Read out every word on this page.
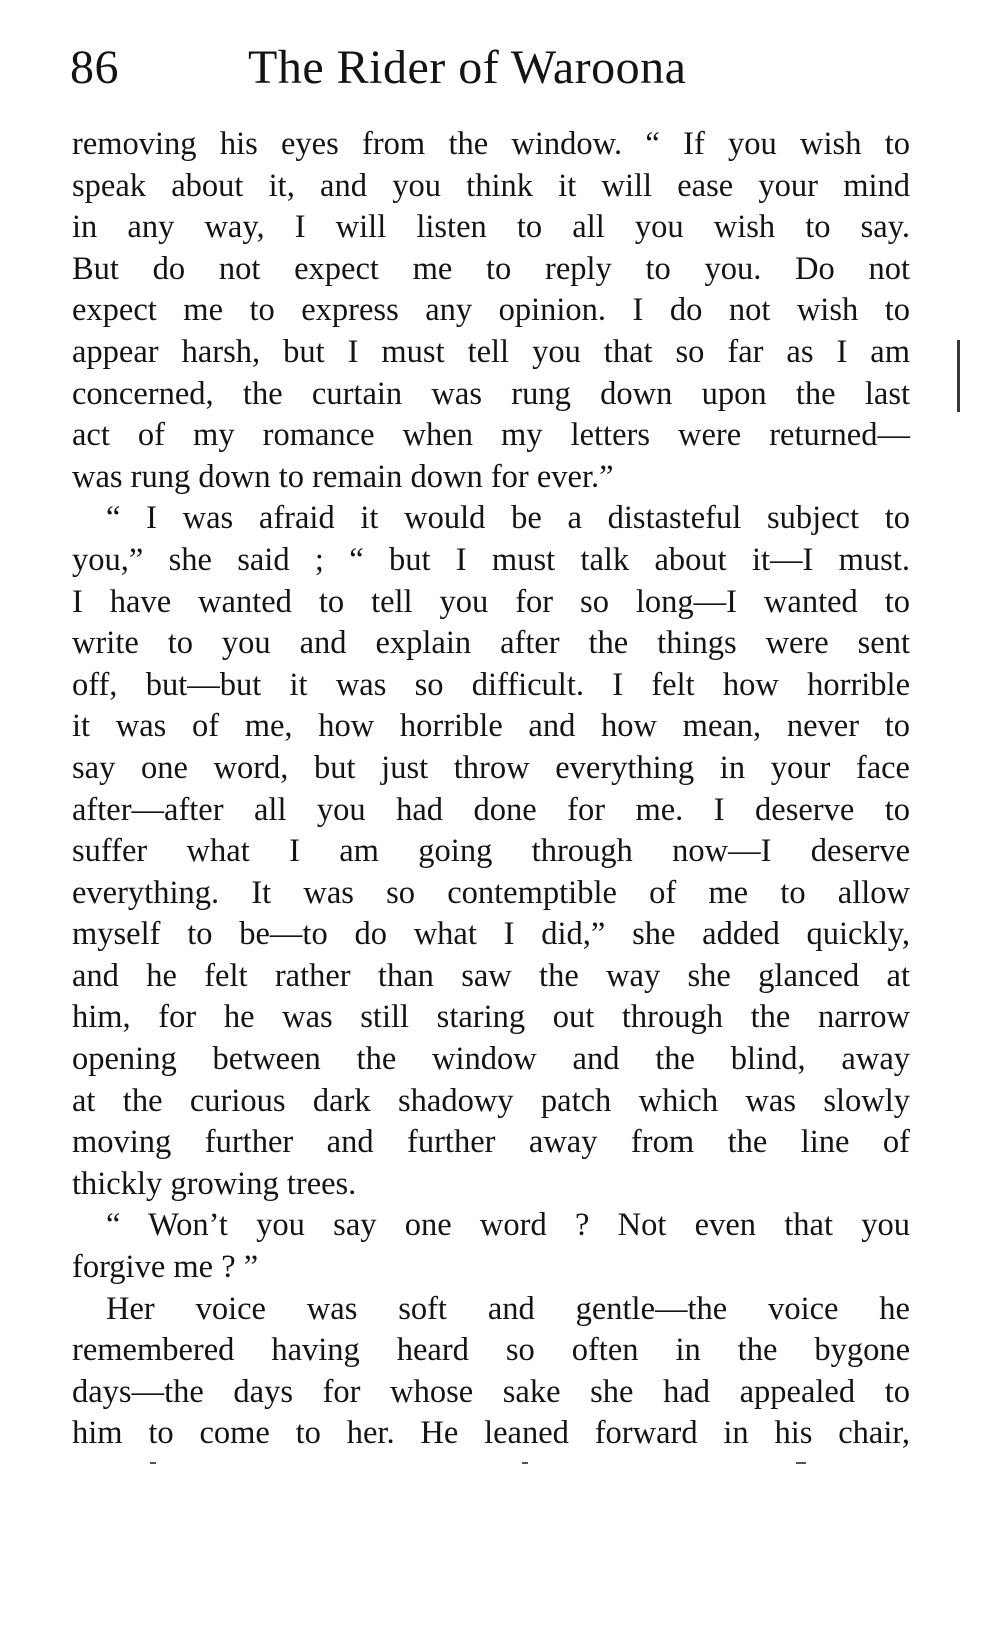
86	The Rider of Waroona
removing his eyes from the window. “ If you wish to
speak about it, and you think it will ease your mind
in any way, I will listen to all you wish to say.
But do not expect me to reply to you. Do not
expect me to express any opinion. I do not wish to
appear harsh, but I must tell you that so far as I am
concerned, the curtain was rung down upon the last
act of my romance when my letters were returned—
was rung down to remain down for ever.”
“ I was afraid it would be a distasteful subject to
you,” she said ; “ but I must talk about it—I must.
I have wanted to tell you for so long—I wanted to
write to you and explain after the things were sent
off, but—but it was so difficult. I felt how horrible
it was of me, how horrible and how mean, never to
say one word, but just throw everything in your face
after—after all you had done for me. I deserve to
suffer what I am going through now—I deserve
everything. It was so contemptible of me to allow
myself to be—to do what I did,” she added quickly,
and he felt rather than saw the way she glanced at
him, for he was still staring out through the narrow
opening between the window and the blind, away
at the curious dark shadowy patch which was slowly
moving further and further away from the line of
thickly growing trees.
“ Won’t you say one word ? Not even that you
forgive me ? ”
Her voice was soft and gentle—the voice he
remembered having heard so often in the bygone
days—the days for whose sake she had appealed to
him to come to her. He leaned forward in his chair,
